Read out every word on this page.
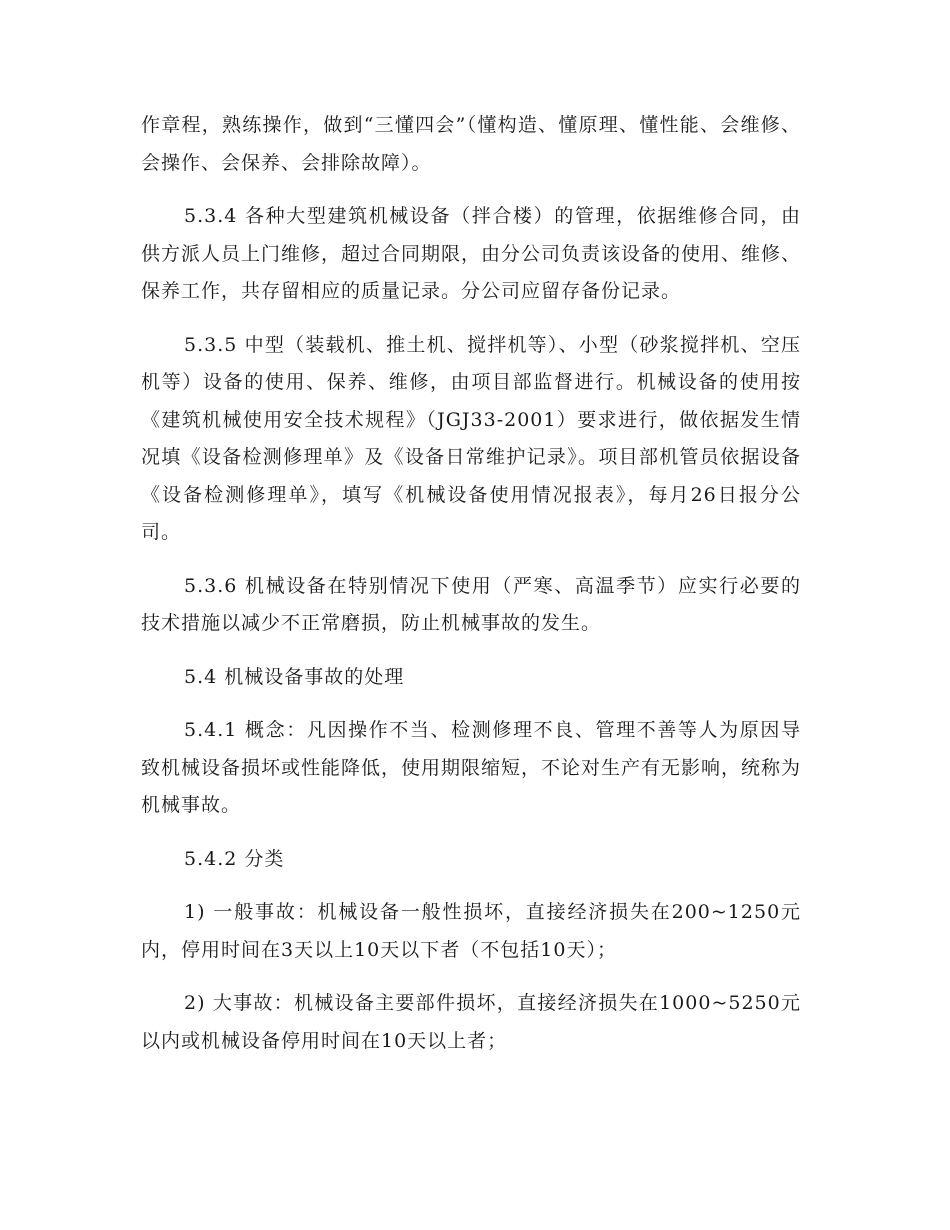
作章程，熟练操作，做到“三懂四会”（懂构造、懂原理、懂性能、会维修、会操作、会保养、会排除故障）。

5.3.4 各种大型建筑机械设备（拌合楼）的管理，依据维修合同，由供方派人员上门维修，超过合同期限，由分公司负责该设备的使用、维修、保养工作，共存留相应的质量记录。分公司应留存备份记录。

5.3.5 中型（装载机、推土机、搅拌机等）、小型（砂浆搅拌机、空压机等）设备的使用、保养、维修，由项目部监督进行。机械设备的使用按《建筑机械使用安全技术规程》（JGJ33-2001）要求进行，做依据发生情况填《设备检测修理单》及《设备日常维护记录》。项目部机管员依据设备《设备检测修理单》，填写《机械设备使用情况报表》，每月26日报分公司。

5.3.6 机械设备在特别情况下使用（严寒、高温季节）应实行必要的技术措施以减少不正常磨损，防止机械事故的发生。

5.4 机械设备事故的处理

5.4.1 概念：凡因操作不当、检测修理不良、管理不善等人为原因导致机械设备损坏或性能降低，使用期限缩短，不论对生产有无影响，统称为机械事故。

5.4.2 分类

1) 一般事故：机械设备一般性损坏，直接经济损失在200~1250元内，停用时间在3天以上10天以下者（不包括10天）；

2) 大事故：机械设备主要部件损坏，直接经济损失在1000~5250元以内或机械设备停用时间在10天以上者；
